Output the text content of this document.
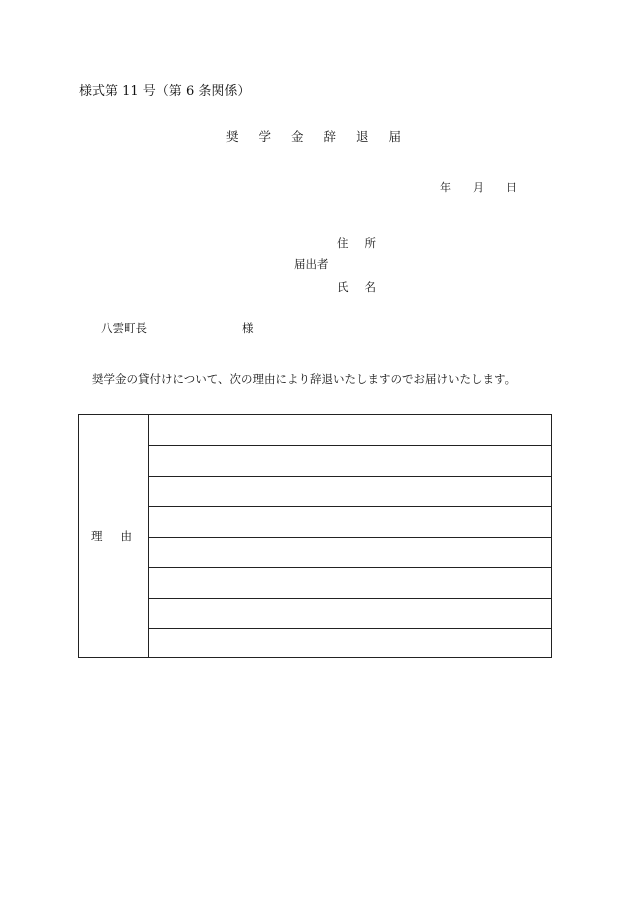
様式第 11 号（第 6 条関係）
奨学金辞退届
年 月 日
住所
届出者
氏名
八雲町長	様
奨学金の貸付けについて、次の理由により辞退いたしますのでお届けいたします。
理由
